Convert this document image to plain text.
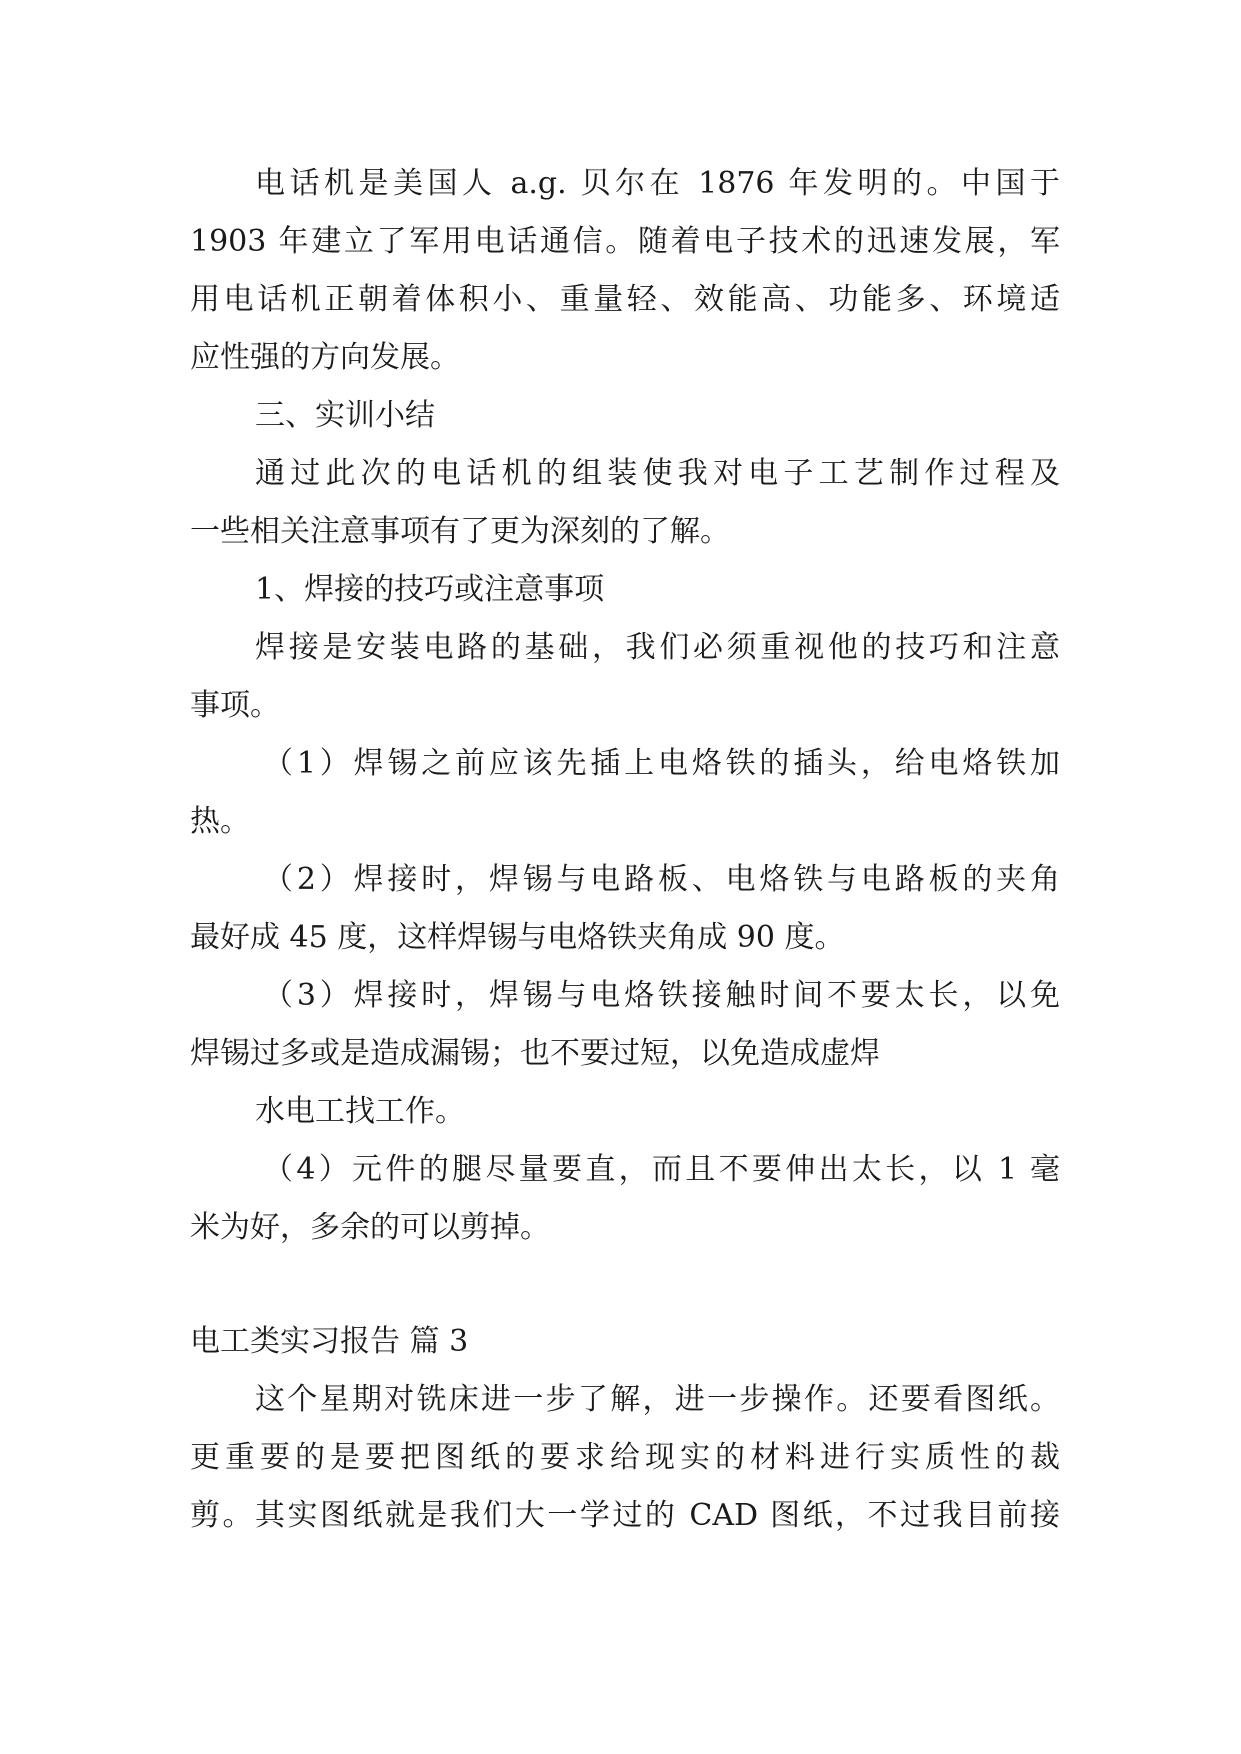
电话机是美国人 a.g. 贝尔在 1876 年发明的。中国于
1903 年建立了军用电话通信。随着电子技术的迅速发展，军
用电话机正朝着体积小、重量轻、效能高、功能多、环境适
应性强的方向发展。
三、实训小结
通过此次的电话机的组装使我对电子工艺制作过程及
一些相关注意事项有了更为深刻的了解。
1、焊接的技巧或注意事项
焊接是安装电路的基础，我们必须重视他的技巧和注意
事项。
（1）焊锡之前应该先插上电烙铁的插头，给电烙铁加
热。
（2）焊接时，焊锡与电路板、电烙铁与电路板的夹角
最好成 45 度，这样焊锡与电烙铁夹角成 90 度。
（3）焊接时，焊锡与电烙铁接触时间不要太长，以免
焊锡过多或是造成漏锡；也不要过短，以免造成虚焊
水电工找工作。
（4）元件的腿尽量要直，而且不要伸出太长，以 1 毫
米为好，多余的可以剪掉。
电工类实习报告 篇 3
这个星期对铣床进一步了解，进一步操作。还要看图纸。
更重要的是要把图纸的要求给现实的材料进行实质性的裁
剪。其实图纸就是我们大一学过的 CAD 图纸，不过我目前接
